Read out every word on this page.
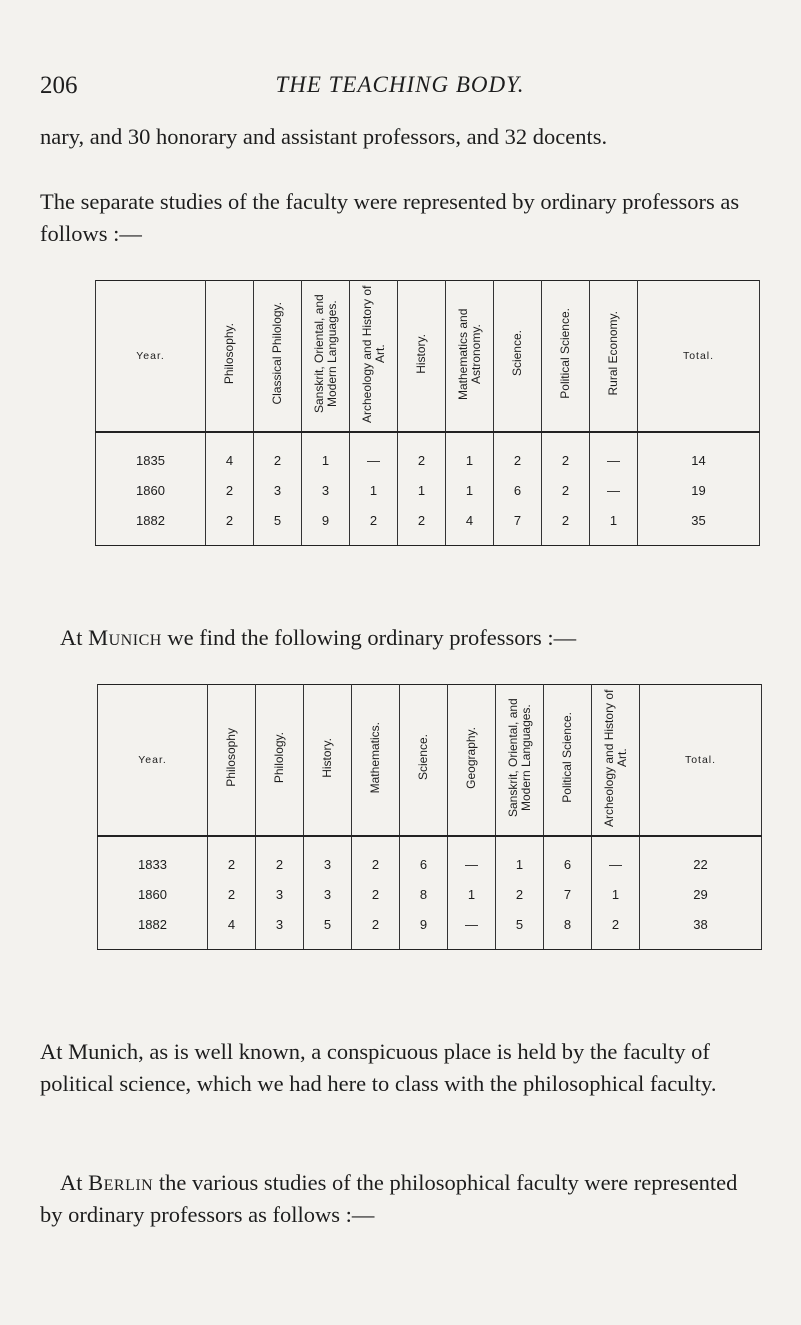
206	THE TEACHING BODY.

nary, and 30 honorary and assistant professors, and 32 docents.

The separate studies of the faculty were represented by ordinary professors as follows :—

Year.	Philosophy.	Classical Philology.	Sanskrit, Oriental, and Modern Languages.	Archeology and History of Art.	History.	Mathematics and Astronomy.	Science.	Political Science.	Rural Economy.	Total.
1835	4	2	1	—	2	1	2	2	—	14
1860	2	3	3	1	1	1	6	2	—	19
1882	2	5	9	2	2	4	7	2	1	35

At Munich we find the following ordinary professors :—

Year.	Philosophy	Philology.	History.	Mathematics.	Science.	Geography.	Sanskrit, Oriental, and Modern Languages.	Political Science.	Archeology and History of Art.	Total.
1833	2	2	3	2	6	—	1	6	—	22
1860	2	3	3	2	8	1	2	7	1	29
1882	4	3	5	2	9	—	5	8	2	38

At Munich, as is well known, a conspicuous place is held by the faculty of political science, which we had here to class with the philosophical faculty.

At Berlin the various studies of the philosophical faculty were represented by ordinary professors as follows :—
